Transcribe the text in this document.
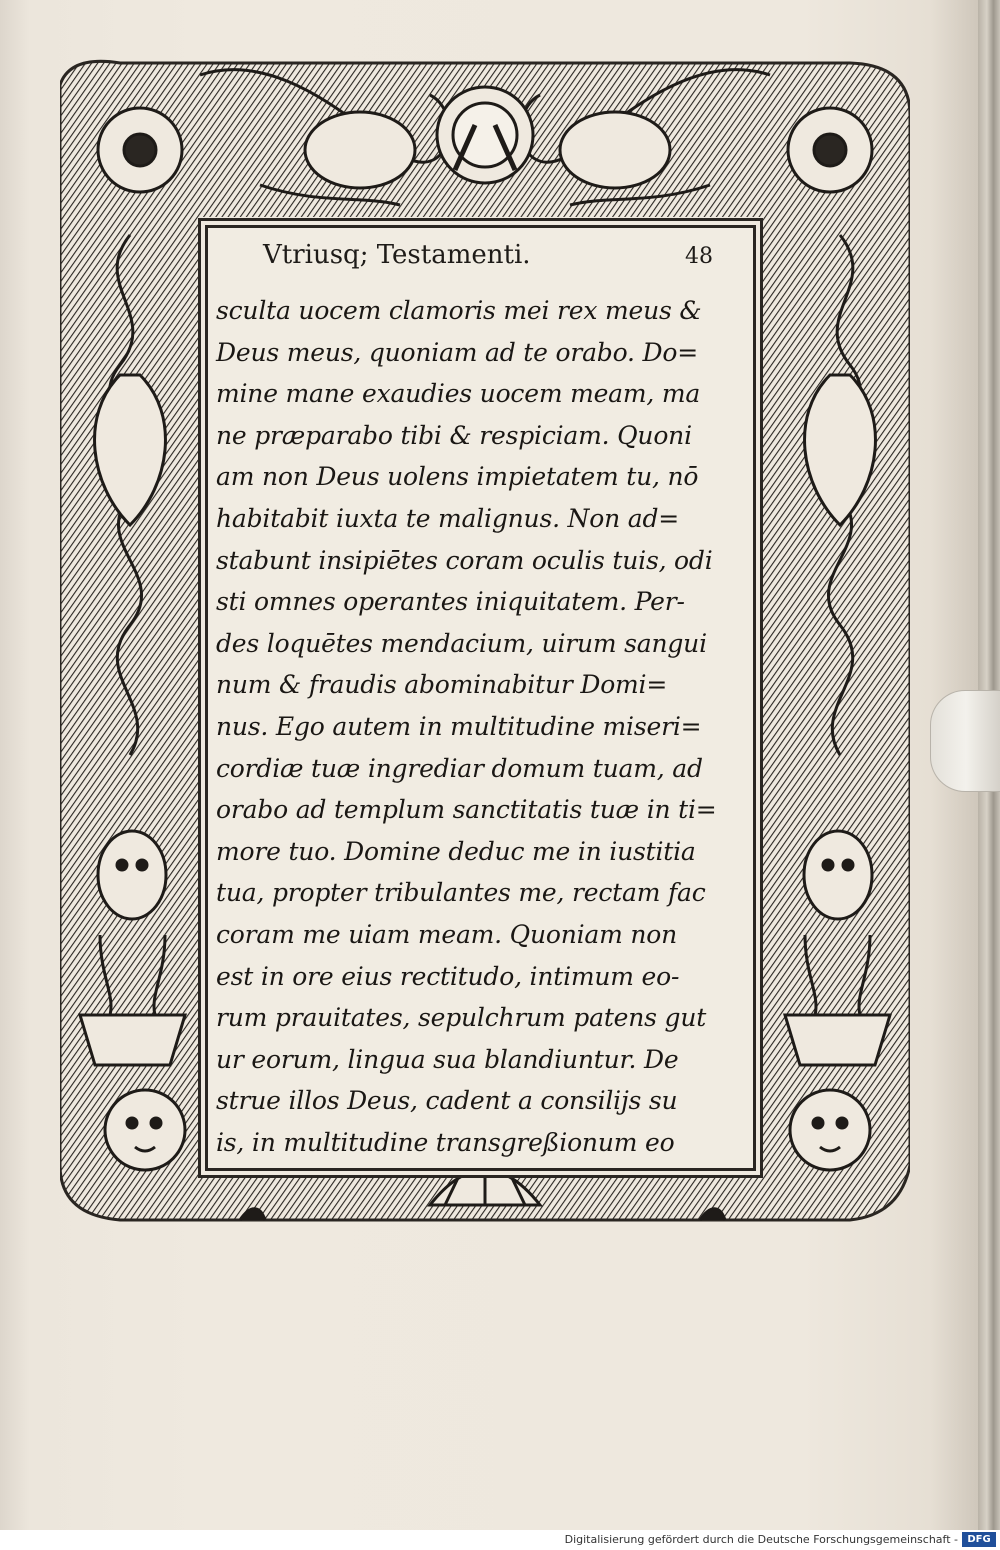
Vtriusq; Testamenti.	48
sculta uocem clamoris mei rex meus &
Deus meus, quoniam ad te orabo. Do=
mine mane exaudies uocem meam, ma
ne præparabo tibi & respiciam. Quoni
am non Deus uolens impietatem tu, nō
habitabit iuxta te malignus. Non ad=
stabunt insipiētes coram oculis tuis, odi
sti omnes operantes iniquitatem. Per-
des loquētes mendacium, uirum sangui
num & fraudis abominabitur Domi=
nus. Ego autem in multitudine miseri=
cordiæ tuæ ingrediar domum tuam, ad
orabo ad templum sanctitatis tuæ in ti=
more tuo. Domine deduc me in iustitia
tua, propter tribulantes me, rectam fac
coram me uiam meam. Quoniam non
est in ore eius rectitudo, intimum eo-
rum prauitates, sepulchrum patens gut
ur eorum, lingua sua blandiuntur. De
strue illos Deus, cadent a consilijs su
is, in multitudine transgreßionum eo
Digitalisierung gefördert durch die Deutsche Forschungsgemeinschaft - DFG
